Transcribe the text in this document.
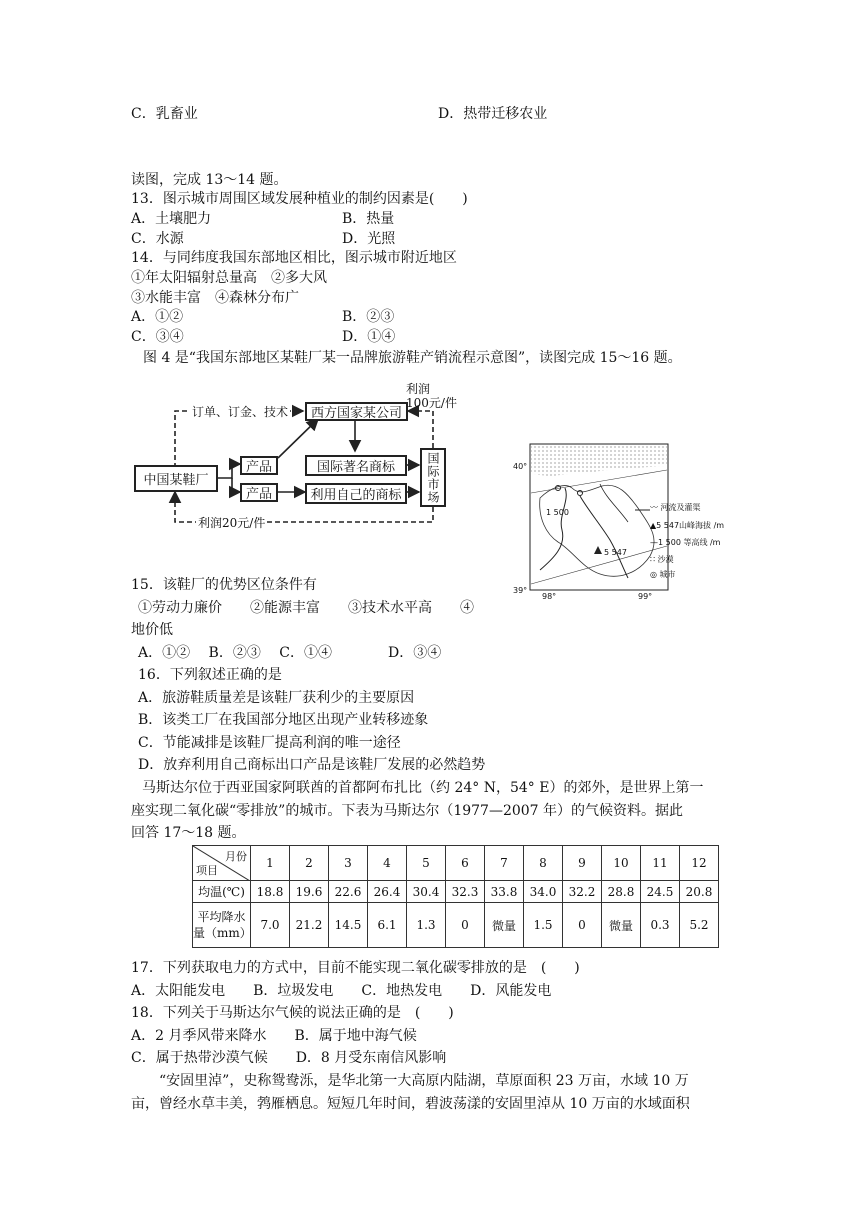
C．乳畜业	D．热带迁移农业
读图，完成 13～14 题。
13．图示城市周围区域发展种植业的制约因素是(　　)
A．土壤肥力	B．热量
C．水源	D．光照
14．与同纬度我国东部地区相比，图示城市附近地区
①年太阳辐射总量高　②多大风
③水能丰富　④森林分布广
A．①②	B．②③
C．③④	D．①④
图 4 是“我国东部地区某鞋厂某一品牌旅游鞋产销流程示意图”，读图完成 15～16 题。
中国某鞋厂
西方国家某公司
产品
产品
国际著名商标
利用自己的商标	国际市场
订单、订金、技术
利润
100元/件
利润20元/件
40°
39°
98°	99°
1 500
5 547
〰 河流及灌渠
▲5 547山峰海拔 /m
—1 500 等高线 /m
∷ 沙漠
◎ 城市
15．该鞋厂的优势区位条件有
①劳动力廉价　　②能源丰富　　③技术水平高　　④
地价低
A．①②　 B．②③　 C．①④　　　　D．③④
16．下列叙述正确的是
A．旅游鞋质量差是该鞋厂获利少的主要原因
B．该类工厂在我国部分地区出现产业转移迹象
C．节能减排是该鞋厂提高利润的唯一途径
D．放弃利用自己商标出口产品是该鞋厂发展的必然趋势
马斯达尔位于西亚国家阿联酋的首都阿布扎比（约 24° N，54° E）的郊外，是世界上第一
座实现二氧化碳“零排放”的城市。下表为马斯达尔（1977—2007 年）的气候资料。据此
回答 17～18 题。
月份
项目	1	2	3	4	5	6	7	8	9	10	11	12
均温(℃)	18.8	19.6	22.6	26.4	30.4	32.3	33.8	34.0	32.2	28.8	24.5	20.8

平均降水
量（mm）	7.0	21.2	14.5	6.1	1.3	0	微量	1.5	0	微量	0.3	5.2
17．下列获取电力的方式中，目前不能实现二氧化碳零排放的是　(　　)
A．太阳能发电　　B．垃圾发电　　C．地热发电　　D．风能发电
18．下列关于马斯达尔气候的说法正确的是　(　　)
A．2 月季风带来降水　　B．属于地中海气候
C．属于热带沙漠气候　　D．8 月受东南信风影响
“安固里淖”，史称鸳鸯泺，是华北第一大高原内陆湖，草原面积 23 万亩，水域 10 万
亩，曾经水草丰美，鹁雁栖息。短短几年时间，碧波荡漾的安固里淖从 10 万亩的水域面积
